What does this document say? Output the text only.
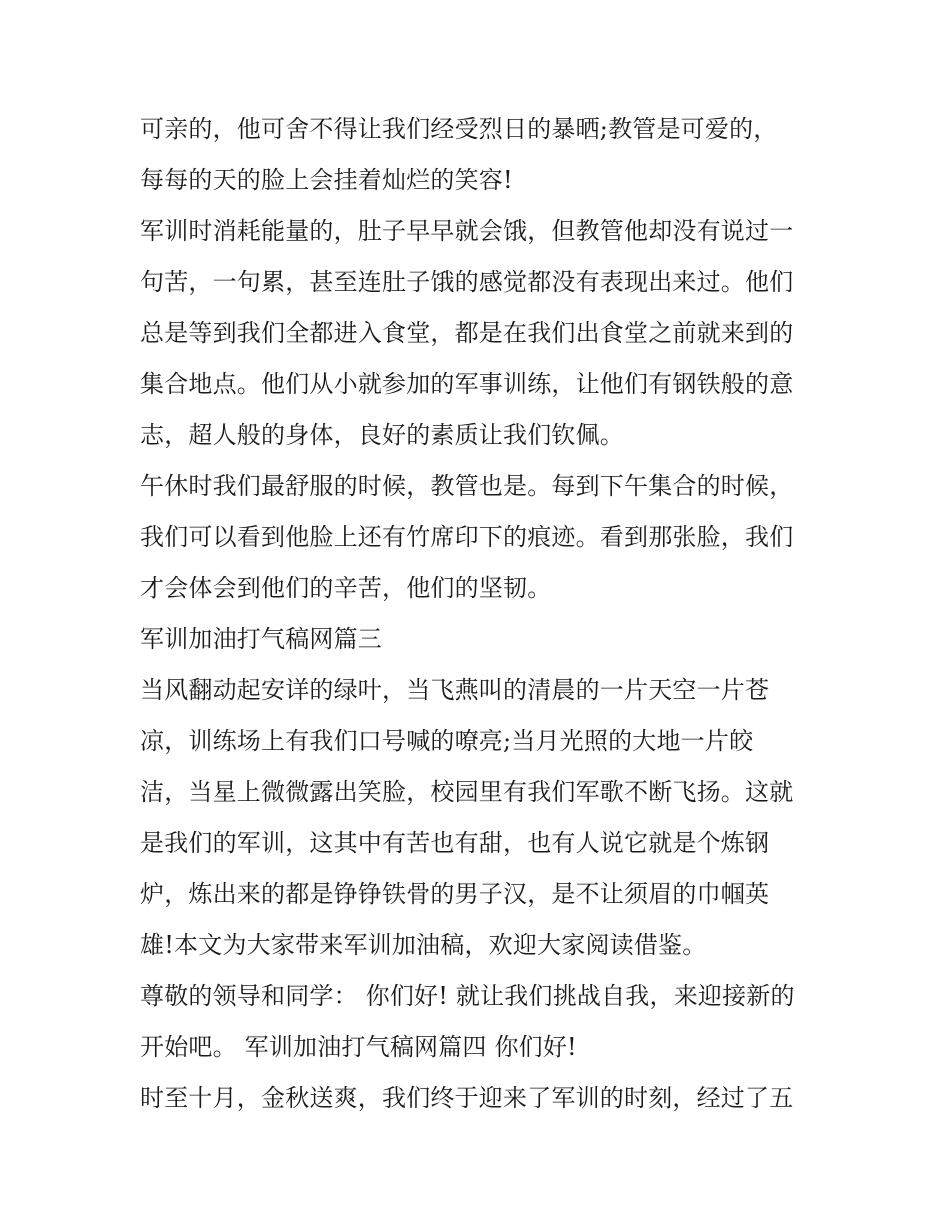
可亲的，他可舍不得让我们经受烈日的暴晒;教管是可爱的，
每每的天的脸上会挂着灿烂的笑容!
军训时消耗能量的，肚子早早就会饿，但教管他却没有说过一
句苦，一句累，甚至连肚子饿的感觉都没有表现出来过。他们
总是等到我们全都进入食堂，都是在我们出食堂之前就来到的
集合地点。他们从小就参加的军事训练，让他们有钢铁般的意
志，超人般的身体，良好的素质让我们钦佩。
午休时我们最舒服的时候，教管也是。每到下午集合的时候，
我们可以看到他脸上还有竹席印下的痕迹。看到那张脸，我们
才会体会到他们的辛苦，他们的坚韧。
军训加油打气稿网篇三
当风翻动起安详的绿叶，当飞燕叫的清晨的一片天空一片苍
凉，训练场上有我们口号喊的嘹亮;当月光照的大地一片皎
洁，当星上微微露出笑脸，校园里有我们军歌不断飞扬。这就
是我们的军训，这其中有苦也有甜，也有人说它就是个炼钢
炉，炼出来的都是铮铮铁骨的男子汉，是不让须眉的巾帼英
雄!本文为大家带来军训加油稿，欢迎大家阅读借鉴。
尊敬的领导和同学： 你们好! 就让我们挑战自我，来迎接新的
开始吧。 军训加油打气稿网篇四 你们好!
时至十月，金秋送爽，我们终于迎来了军训的时刻，经过了五
